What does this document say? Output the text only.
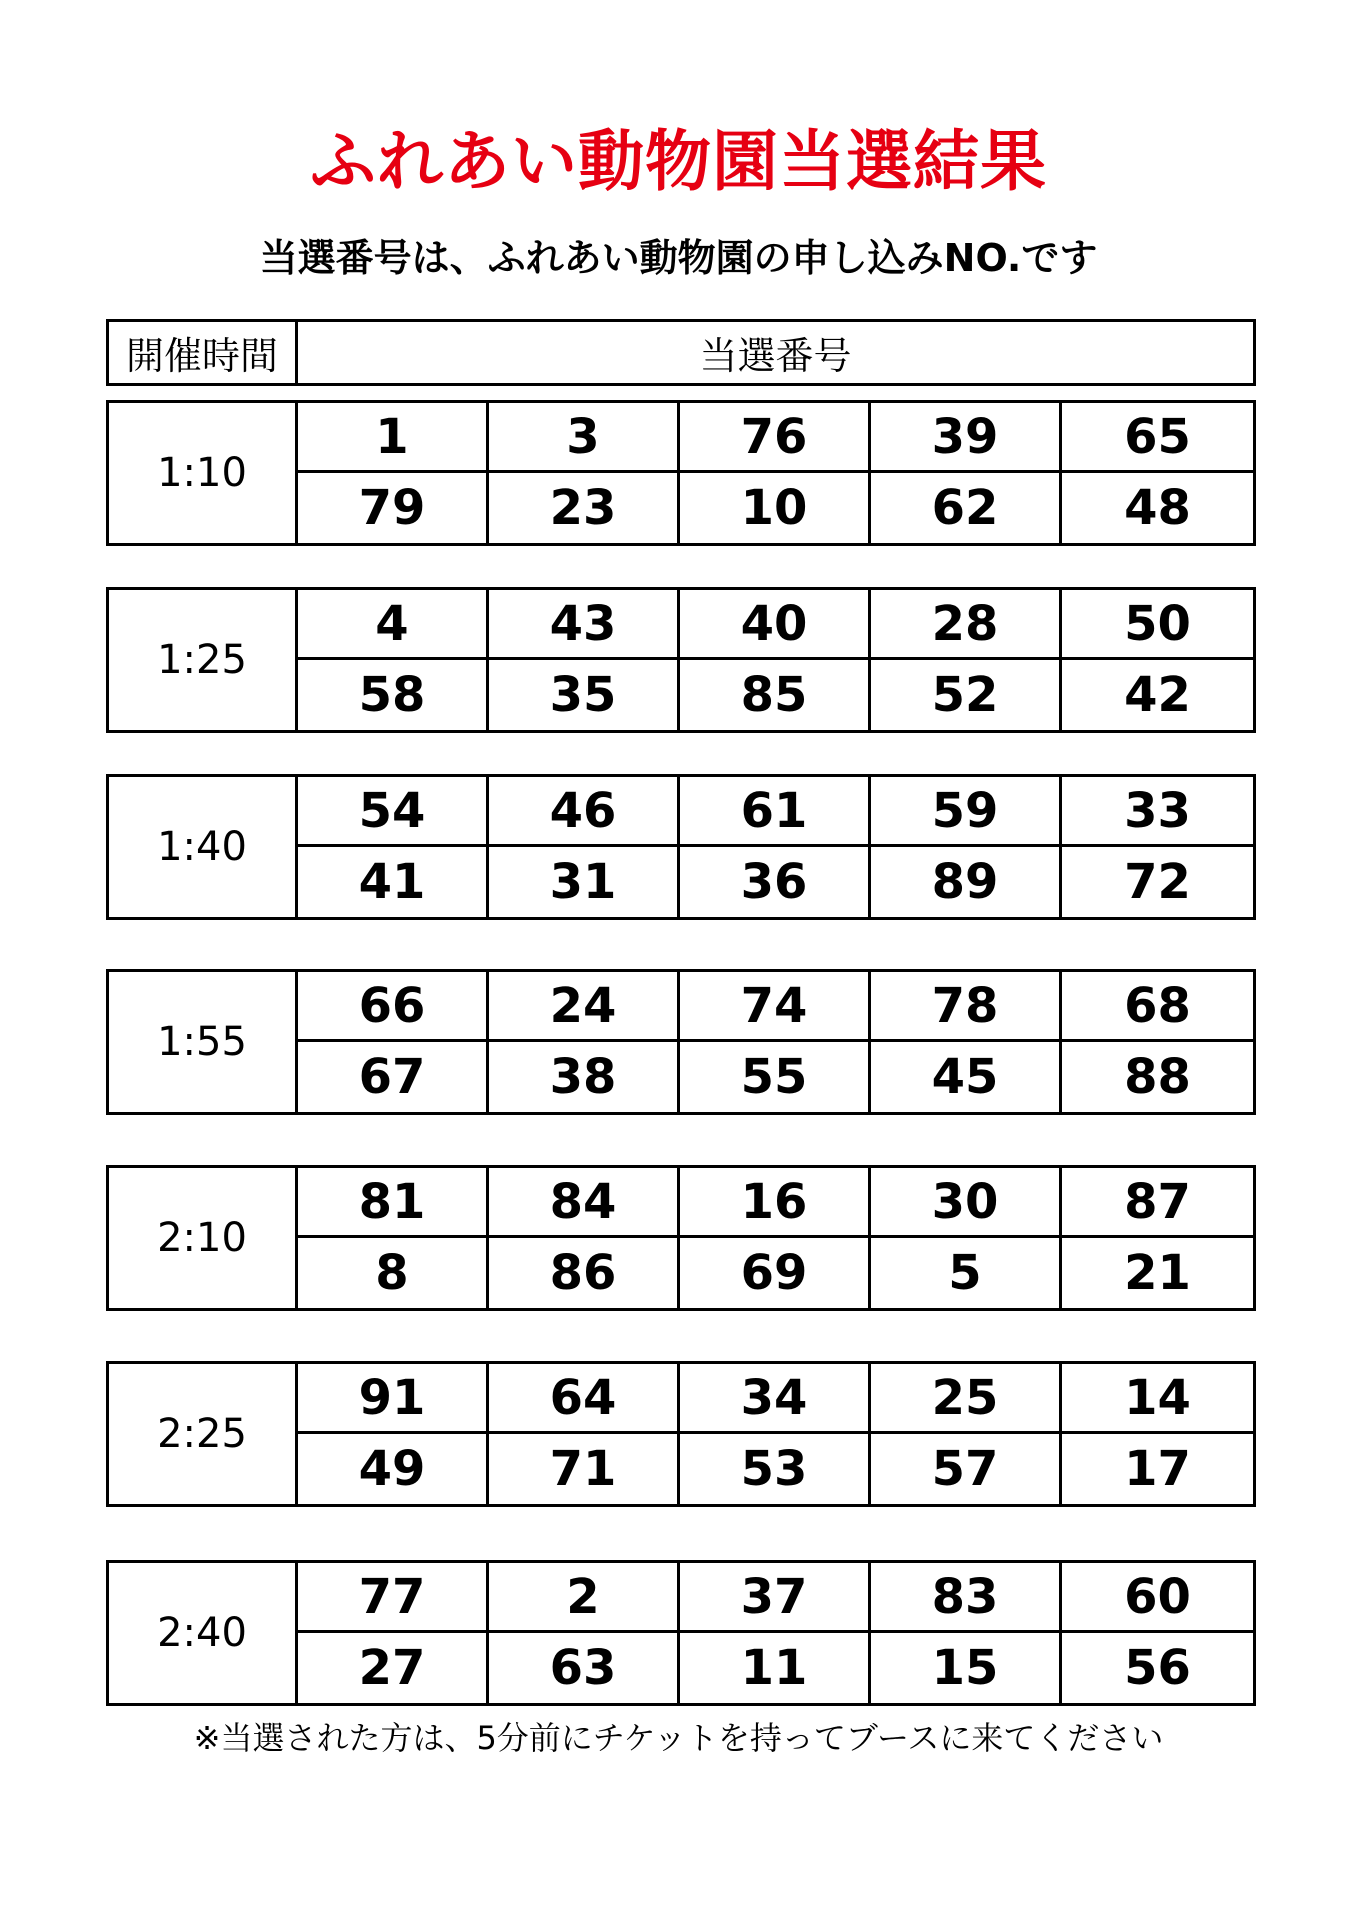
ふれあい動物園当選結果
当選番号は、ふれあい動物園の申し込みNO.です
開催時間	当選番号
1:10
1	3	76	39	65
79	23	10	62	48
1:25
4	43	40	28	50
58	35	85	52	42
1:40
54	46	61	59	33
41	31	36	89	72
1:55
66	24	74	78	68
67	38	55	45	88
2:10
81	84	16	30	87
8	86	69	5	21
2:25
91	64	34	25	14
49	71	53	57	17
2:40
77	2	37	83	60
27	63	11	15	56
※当選された方は、5分前にチケットを持ってブースに来てください
